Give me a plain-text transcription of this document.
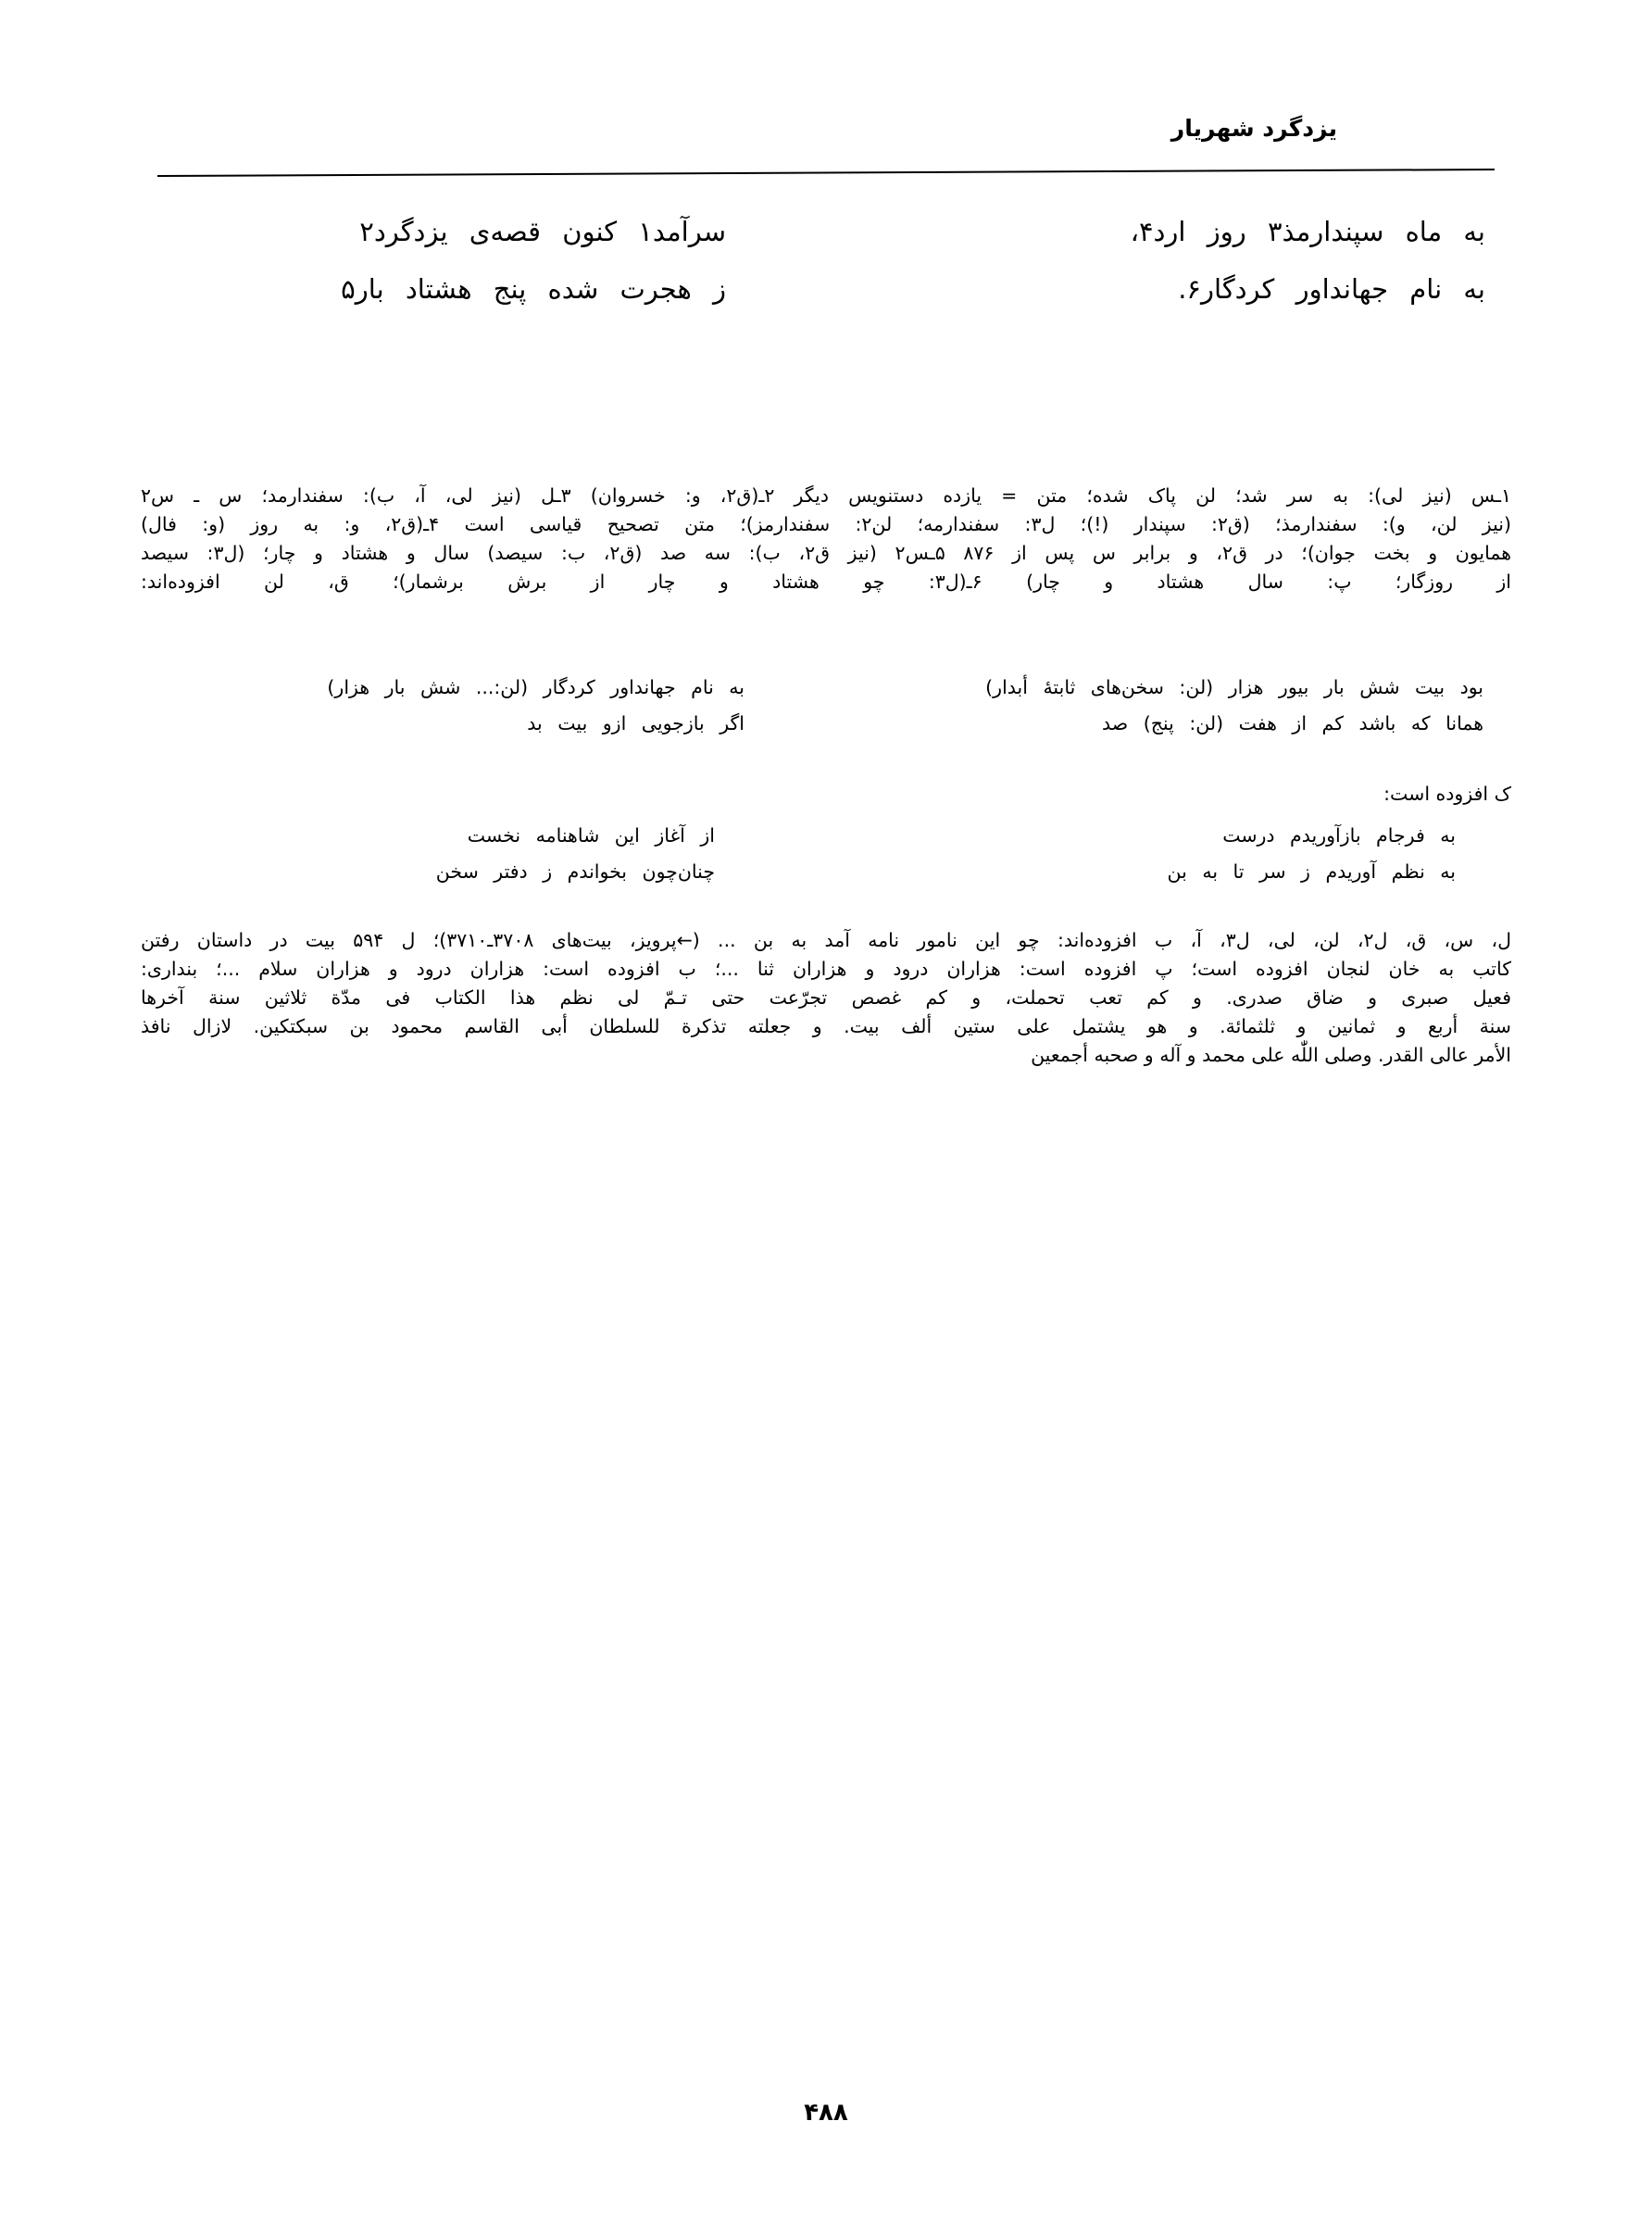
یزدگرد شهریار
به ماه سپندارمذ۳ روز ارد۴،
سرآمد۱ کنون قصه‌ی یزدگرد۲
به نام جهانداور کردگار۶.
ز هجرت شده پنج هشتاد بار۵
۱ـس (نیز لی): به سر شد؛ لن پاک شده؛ متن = یازده دستنویس دیگر ۲ـ(ق۲، و: خسروان) ۳ـل (نیز لی، آ، ب): سفندارمد؛ س ـ س۲
(نیز لن، و): سفندارمذ؛ (ق۲: سپندار (!)؛ ل۳: سفندارمه؛ لن۲: سفندارمز)؛ متن تصحیح قیاسی است ۴ـ(ق۲، و: به روز (و: فال)
همایون و بخت جوان)؛ در ق۲، و برابر س پس از ۸۷۶ ۵ـس۲ (نیز ق۲، ب): سه صد (ق۲، ب: سیصد) سال و هشتاد و چار؛ (ل۳: سیصد
از روزگار؛ پ: سال هشتاد و چار) ۶ـ(ل۳: چو هشتاد و چار از برش برشمار)؛ ق، لن افزوده‌اند:
بود بیت شش بار بیور هزار (لن: سخن‌های ثابتۀ أبدار)
به نام جهانداور کردگار (لن:... شش بار هزار)
همانا که باشد کم از هفت (لن: پنج) صد
اگر بازجویی ازو بیت بد
ک افزوده است:
به فرجام بازآوریدم درست
از آغاز این شاهنامه نخست
به نظم آوریدم ز سر تا به بن
چنان‌چون بخواندم ز دفتر سخن
ل، س، ق، ل۲، لن، لی، ل۳، آ، ب افزوده‌اند: چو این نامور نامه آمد به بن ... (←پرویز، بیت‌های ۳۷۰۸ـ۳۷۱۰)؛ ل ۵۹۴ بیت در داستان رفتن
کاتب به خان لنجان افزوده است؛ پ افزوده است: هزاران درود و هزاران ثنا ...؛ ب افزوده است: هزاران درود و هزاران سلام ...؛ بنداری:
فعیل صبری و ضاق صدری. و کم تعب تحملت، و کم غصص تجرّعت حتی تـمّ لی نظم هذا الکتاب فی مدّة ثلاثین سنة آخرها
سنة أربع و ثمانین و ثلثمائة. و هو یشتمل علی ستین ألف بیت. و جعلته تذکرة للسلطان أبی القاسم محمود بن سبکتکین. لازال نافذ
الأمر عالی القدر. وصلی اللّٰه علی محمد و آله و صحبه أجمعین
۴۸۸
